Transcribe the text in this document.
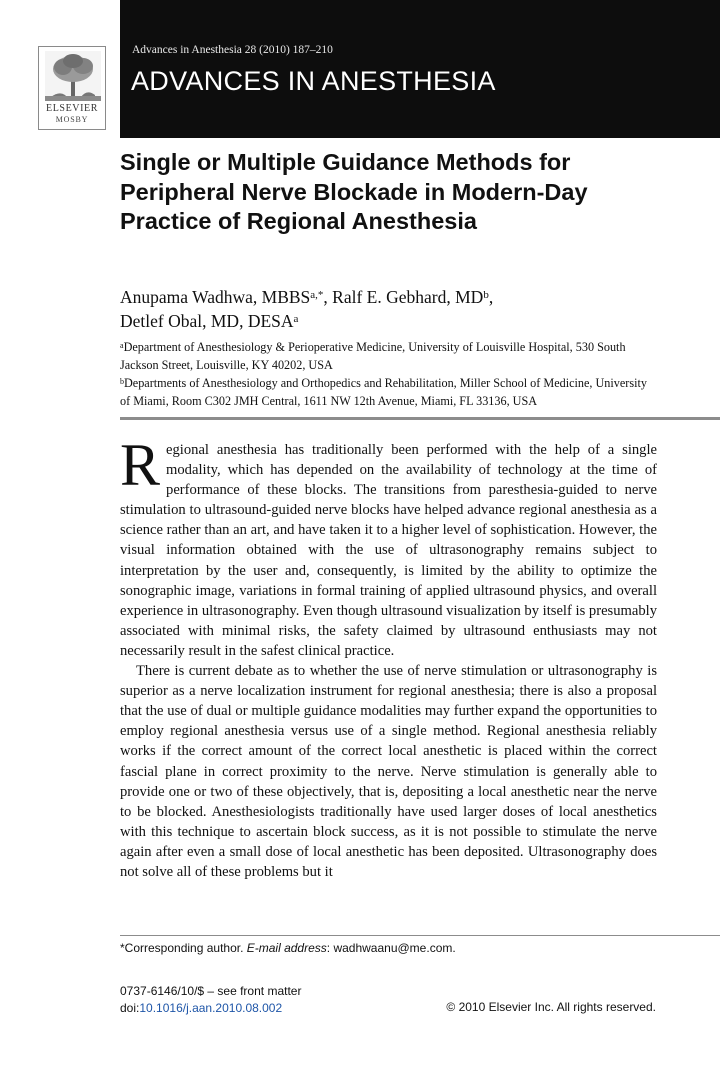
ELSEVIER
MOSBY
Advances in Anesthesia 28 (2010) 187–210
ADVANCES IN ANESTHESIA
Single or Multiple Guidance Methods for Peripheral Nerve Blockade in Modern-Day Practice of Regional Anesthesia
Anupama Wadhwa, $MBBS^{a,*}$, Ralf E. Gebhard, $MD^b$,
Detlef Obal, MD, DESA$^a$
$^a$Department of Anesthesiology & Perioperative Medicine, University of Louisville Hospital, 530 South Jackson Street, Louisville, KY 40202, USA
$^b$Departments of Anesthesiology and Orthopedics and Rehabilitation, Miller School of Medicine, University of Miami, Room C302 JMH Central, 1611 NW 12th Avenue, Miami, FL 33136, USA

Regional anesthesia has traditionally been performed with the help of a single modality, which has depended on the availability of technology at the time of performance of these blocks. The transitions from paresthesia-guided to nerve stimulation to ultrasound-guided nerve blocks have helped advance regional anesthesia as a science rather than an art, and have taken it to a higher level of sophistication. However, the visual information obtained with the use of ultrasonography remains subject to interpretation by the user and, consequently, is limited by the ability to optimize the sonographic image, variations in formal training of applied ultrasound physics, and overall experience in ultrasonography. Even though ultrasound visualization by itself is presumably associated with minimal risks, the safety claimed by ultrasound enthusiasts may not necessarily result in the safest clinical practice.

There is current debate as to whether the use of nerve stimulation or ultrasonography is superior as a nerve localization instrument for regional anesthesia; there is also a proposal that the use of dual or multiple guidance modalities may further expand the opportunities to employ regional anesthesia versus use of a single method. Regional anesthesia reliably works if the correct amount of the correct local anesthetic is placed within the correct fascial plane in correct proximity to the nerve. Nerve stimulation is generally able to provide one or two of these objectively, that is, depositing a local anesthetic near the nerve to be blocked. Anesthesiologists traditionally have used larger doses of local anesthetics with this technique to ascertain block success, as it is not possible to stimulate the nerve again after even a small dose of local anesthetic has been deposited. Ultrasonography does not solve all of these problems but it

*Corresponding author. E-mail address: wadhwaanu@me.com.
0737-6146/10/$ – see front matter
doi:10.1016/j.aan.2010.08.002	© 2010 Elsevier Inc. All rights reserved.
